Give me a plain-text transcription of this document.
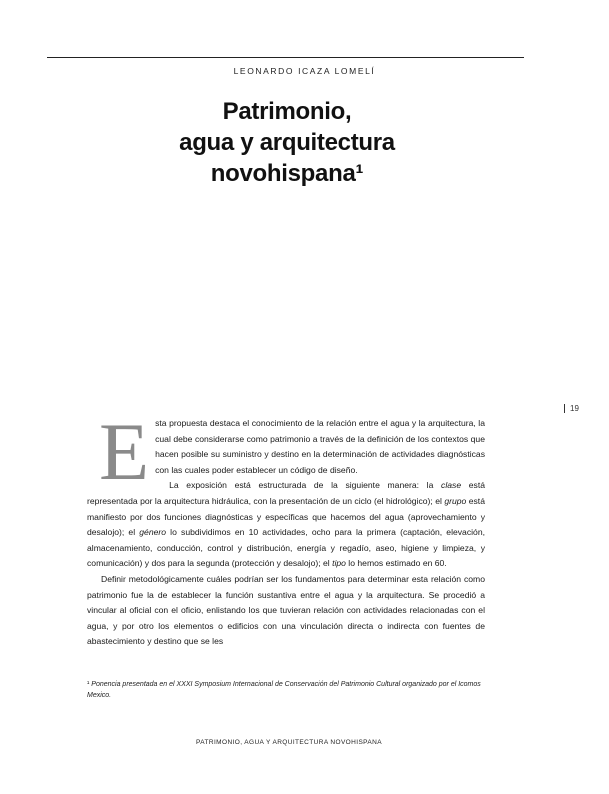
LEONARDO ICAZA LOMELÍ
Patrimonio,
agua y arquitectura
novohispana¹
19

Esta propuesta destaca el conocimiento de la relación entre el agua y la arquitectura, la cual debe considerarse como patrimonio a través de la definición de los contextos que hacen posible su suministro y destino en la determinación de actividades diagnósticas con las cuales poder establecer un código de diseño.

La exposición está estructurada de la siguiente manera: la clase está representada por la arquitectura hidráulica, con la presentación de un ciclo (el hidrológico); el grupo está manifiesto por dos funciones diagnósticas y específicas que hacemos del agua (aprovechamiento y desalojo); el género lo subdividimos en 10 actividades, ocho para la primera (captación, elevación, almacenamiento, conducción, control y distribución, energía y regadío, aseo, higiene y limpieza, y comunicación) y dos para la segunda (protección y desalojo); el tipo lo hemos estimado en 60.

Definir metodológicamente cuáles podrían ser los fundamentos para determinar esta relación como patrimonio fue la de establecer la función sustantiva entre el agua y la arquitectura. Se procedió a vincular al oficial con el oficio, enlistando los que tuvieran relación con actividades relacionadas con el agua, y por otro los elementos o edificios con una vinculación directa o indirecta con fuentes de abastecimiento y destino que se les

¹ Ponencia presentada en el XXXI Symposium Internacional de Conservación del Patrimonio Cultural organizado por el Icomos Mexico.
PATRIMONIO, AGUA Y ARQUITECTURA NOVOHISPANA
